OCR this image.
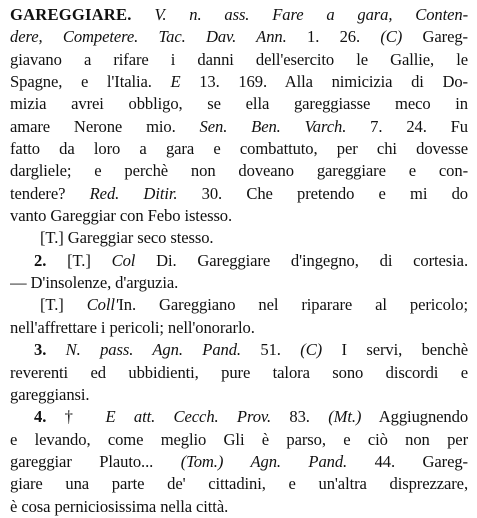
GAREGGIARE. V. n. ass. Fare a gara, Conten-
dere, Competere. Tac. Dav. Ann. 1. 26. (C) Gareg-
giavano a rifare i danni dell'esercito le Gallie, le
Spagne, e l'Italia. E 13. 169. Alla nimicizia di Do-
mizia avrei obbligo, se ella gareggiasse meco in
amare Nerone mio. Sen. Ben. Varch. 7. 24. Fu
fatto da loro a gara e combattuto, per chi dovesse
dargliele; e perchè non doveano gareggiare e con-
tendere? Red. Ditir. 30. Che pretendo e mi do
vanto Gareggiar con Febo istesso.
[T.] Gareggiar seco stesso.
2. [T.] Col Di. Gareggiare d'ingegno, di cortesia.
— D'insolenze, d'arguzia.
[T.] Coll'In. Gareggiano nel riparare al pericolo;
nell'affrettare i pericoli; nell'onorarlo.
3. N. pass. Agn. Pand. 51. (C) I servi, benchè
reverenti ed ubbidienti, pure talora sono discordi e
gareggiansi.
4. † E att. Cecch. Prov. 83. (Mt.) Aggiugnendo
e levando, come meglio Gli è parso, e ciò non per
gareggiar Plauto... (Tom.) Agn. Pand. 44. Gareg-
giare una parte de' cittadini, e un'altra disprezzare,
è cosa perniciosissima nella città.
